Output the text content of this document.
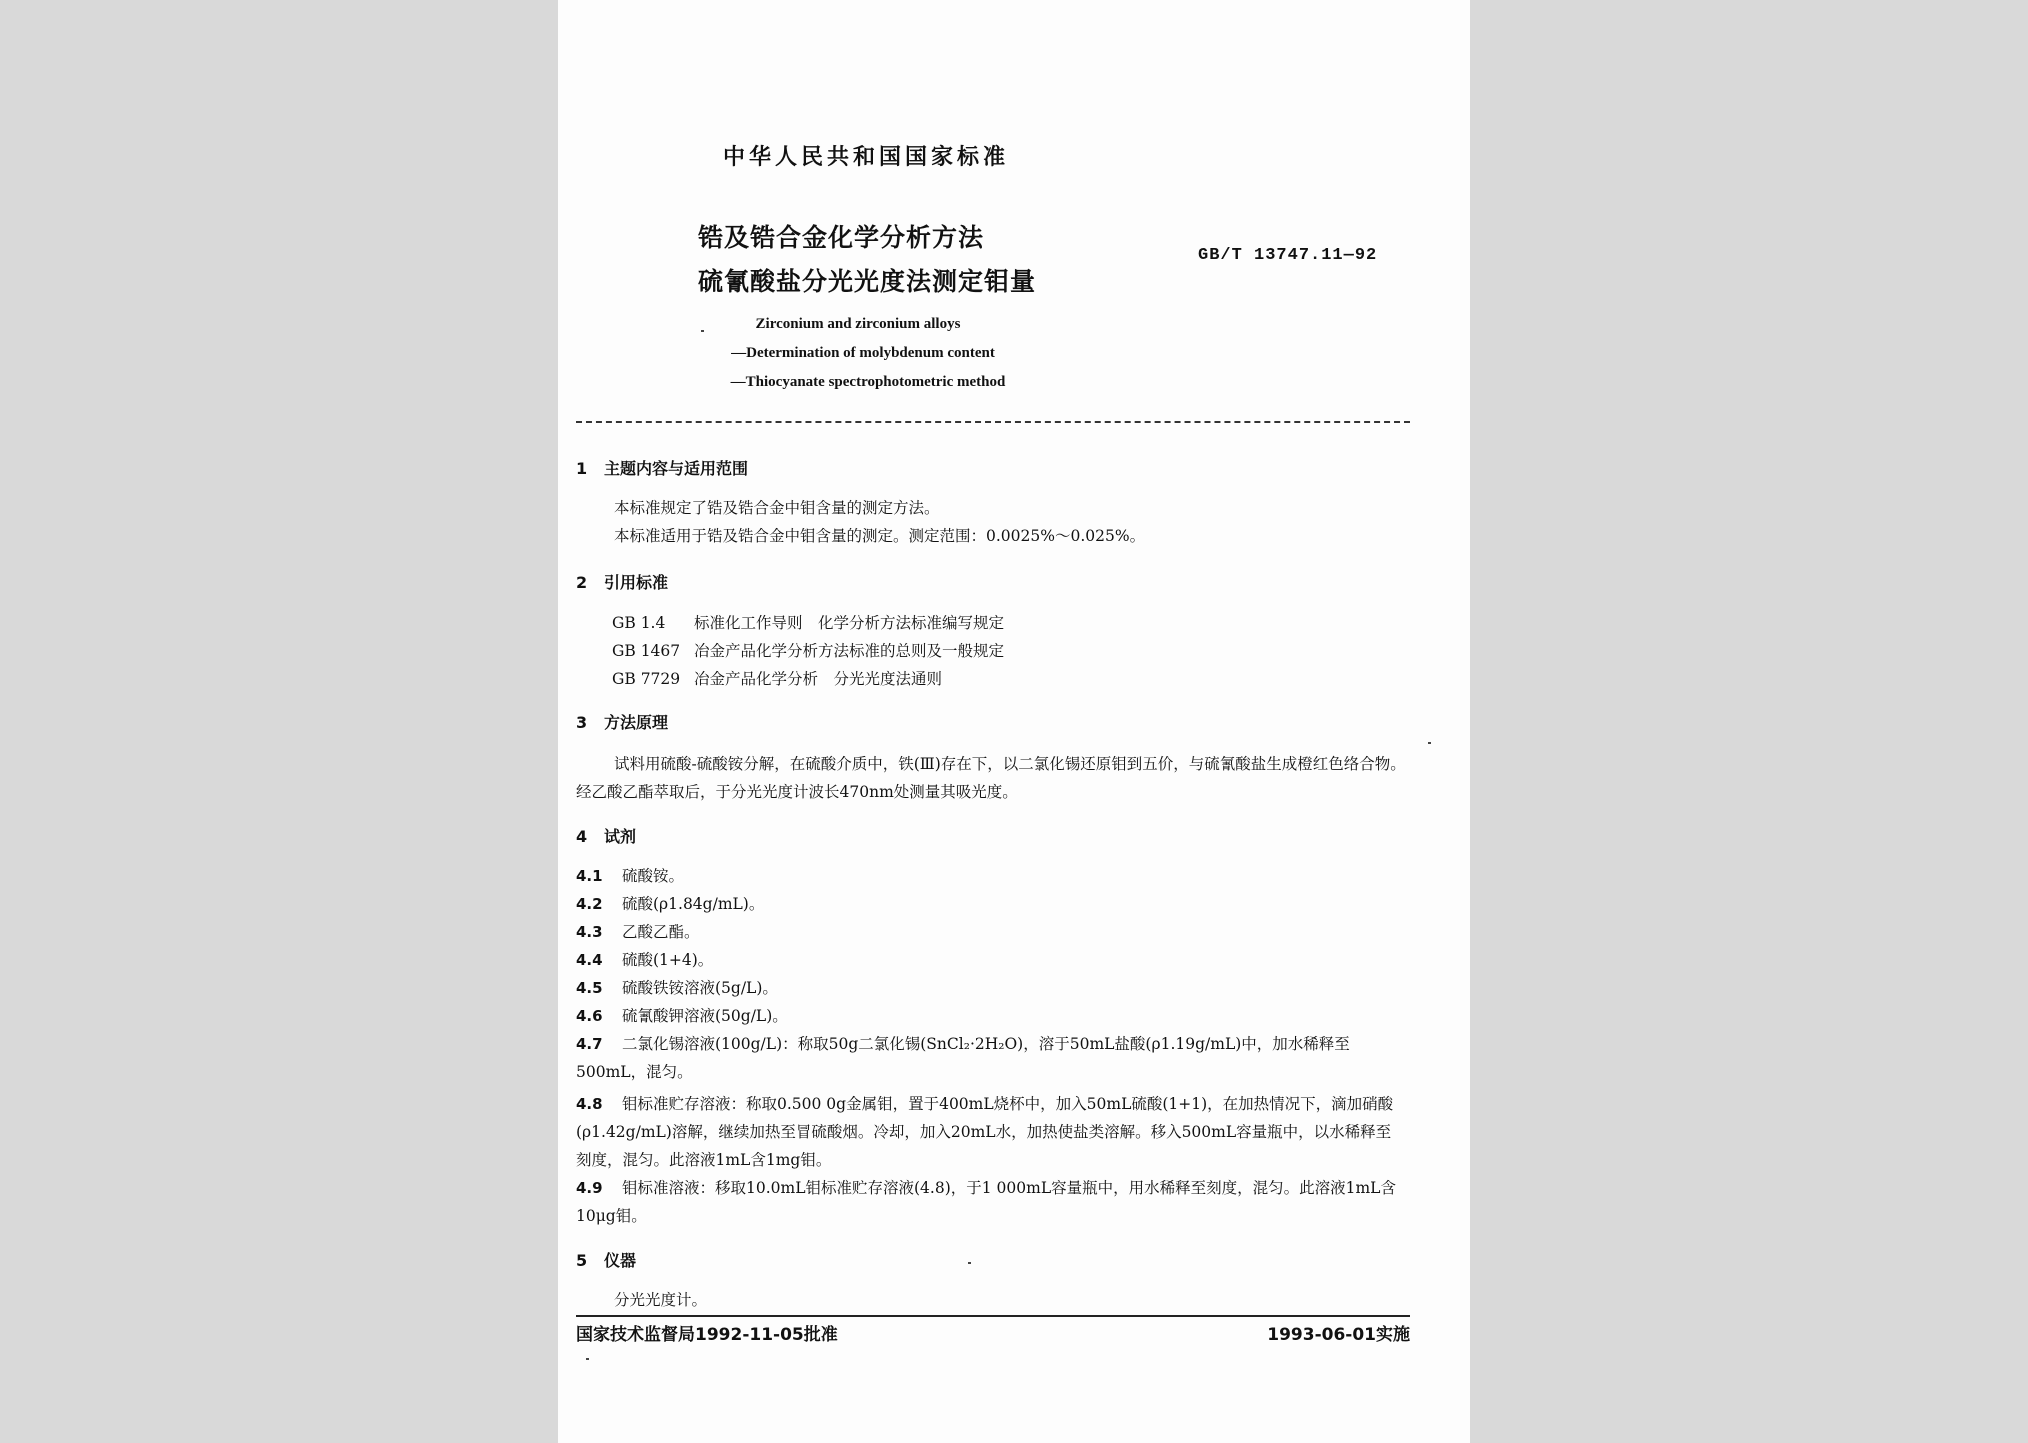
中华人民共和国国家标准
锆及锆合金化学分析方法
硫氰酸盐分光光度法测定钼量
GB/T 13747.11—92
Zirconium and zirconium alloys
—Determination of molybdenum content
—Thiocyanate spectrophotometric method
1 主题内容与适用范围
本标准规定了锆及锆合金中钼含量的测定方法。
本标准适用于锆及锆合金中钼含量的测定。测定范围：0.0025%～0.025%。
2 引用标准
GB 1.4 标准化工作导则　化学分析方法标准编写规定
GB 1467 冶金产品化学分析方法标准的总则及一般规定
GB 7729 冶金产品化学分析　分光光度法通则
3 方法原理
试料用硫酸-硫酸铵分解，在硫酸介质中，铁(Ⅲ)存在下，以二氯化锡还原钼到五价，与硫氰酸盐生成橙红色络合物。经乙酸乙酯萃取后，于分光光度计波长470nm处测量其吸光度。
4 试剂
4.1 硫酸铵。
4.2 硫酸(ρ1.84g/mL)。
4.3 乙酸乙酯。
4.4 硫酸(1+4)。
4.5 硫酸铁铵溶液(5g/L)。
4.6 硫氰酸钾溶液(50g/L)。
4.7 二氯化锡溶液(100g/L)：称取50g二氯化锡(SnCl₂·2H₂O)，溶于50mL盐酸(ρ1.19g/mL)中，加水稀释至500mL，混匀。
4.8 钼标准贮存溶液：称取0.500 0g金属钼，置于400mL烧杯中，加入50mL硫酸(1+1)，在加热情况下，滴加硝酸(ρ1.42g/mL)溶解，继续加热至冒硫酸烟。冷却，加入20mL水，加热使盐类溶解。移入500mL容量瓶中，以水稀释至刻度，混匀。此溶液1mL含1mg钼。
4.9 钼标准溶液：移取10.0mL钼标准贮存溶液(4.8)，于1 000mL容量瓶中，用水稀释至刻度，混匀。此溶液1mL含10μg钼。
5 仪器
分光光度计。
国家技术监督局1992-11-05批准	1993-06-01实施
